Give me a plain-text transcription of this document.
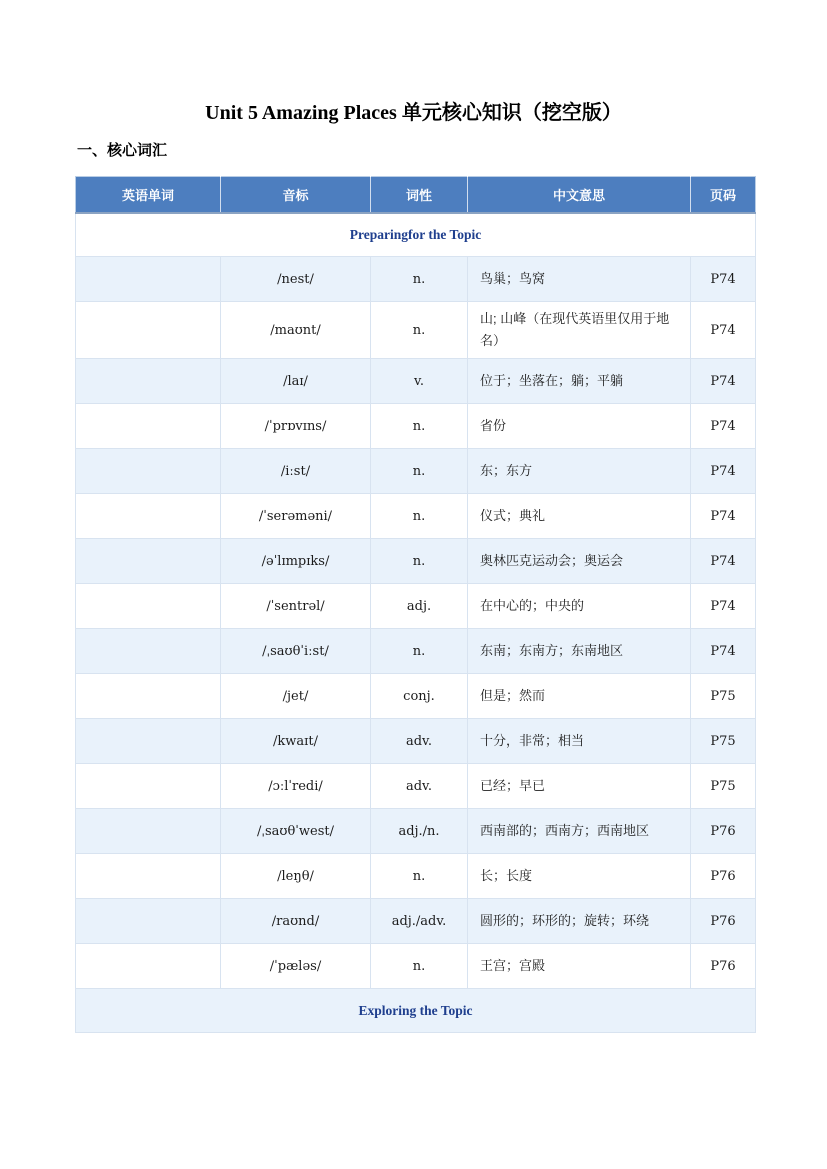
Unit 5 Amazing Places 单元核心知识（挖空版）
一、核心词汇
英语单词	音标	词性	中文意思	页码
Preparingfor the Topic				
	/nest/	n.	鸟巢；鸟窝	P74
	/maʊnt/	n.	山; 山峰（在现代英语里仅用于地名）	P74
	/laɪ/	v.	位于；坐落在；躺；平躺	P74
	/ˈprɒvɪns/	n.	省份	P74
	/iːst/	n.	东；东方	P74
	/ˈserəməni/	n.	仪式；典礼	P74
	/əˈlɪmpɪks/	n.	奥林匹克运动会；奥运会	P74
	/ˈsentrəl/	adj.	在中心的；中央的	P74
	/ˌsaʊθˈiːst/	n.	东南；东南方；东南地区	P74
	/jet/	conj.	但是；然而	P75
	/kwaɪt/	adv.	十分，非常；相当	P75
	/ɔːlˈredi/	adv.	已经；早已	P75
	/ˌsaʊθˈwest/	adj./n.	西南部的；西南方；西南地区	P76
	/leŋθ/	n.	长；长度	P76
	/raʊnd/	adj./adv.	圆形的；环形的；旋转；环绕	P76
	/ˈpæləs/	n.	王宫；宫殿	P76
Exploring the Topic				
